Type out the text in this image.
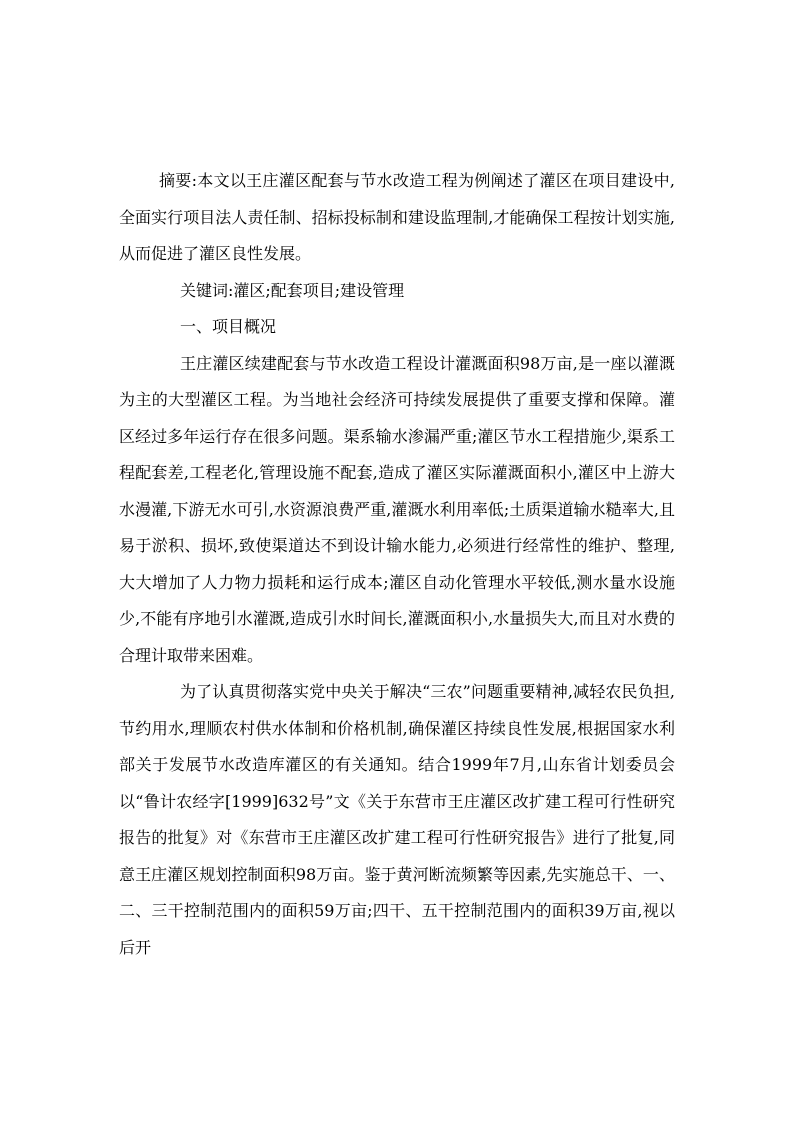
摘要:本文以王庄灌区配套与节水改造工程为例阐述了灌区在项目建设中,全面实行项目法人责任制、招标投标制和建设监理制,才能确保工程按计划实施,从而促进了灌区良性发展。

关键词:灌区;配套项目;建设管理

一、项目概况

王庄灌区续建配套与节水改造工程设计灌溉面积98万亩,是一座以灌溉为主的大型灌区工程。为当地社会经济可持续发展提供了重要支撑和保障。灌区经过多年运行存在很多问题。渠系输水渗漏严重;灌区节水工程措施少,渠系工程配套差,工程老化,管理设施不配套,造成了灌区实际灌溉面积小,灌区中上游大水漫灌,下游无水可引,水资源浪费严重,灌溉水利用率低;土质渠道输水糙率大,且易于淤积、损坏,致使渠道达不到设计输水能力,必须进行经常性的维护、整理,大大增加了人力物力损耗和运行成本;灌区自动化管理水平较低,测水量水设施少,不能有序地引水灌溉,造成引水时间长,灌溉面积小,水量损失大,而且对水费的合理计取带来困难。

为了认真贯彻落实党中央关于解决“三农”问题重要精神,减轻农民负担,节约用水,理顺农村供水体制和价格机制,确保灌区持续良性发展,根据国家水利部关于发展节水改造库灌区的有关通知。结合1999年7月,山东省计划委员会以“鲁计农经字[1999]632号”文《关于东营市王庄灌区改扩建工程可行性研究报告的批复》对《东营市王庄灌区改扩建工程可行性研究报告》进行了批复,同意王庄灌区规划控制面积98万亩。鉴于黄河断流频繁等因素,先实施总干、一、二、三干控制范围内的面积59万亩;四干、五干控制范围内的面积39万亩,视以后开
